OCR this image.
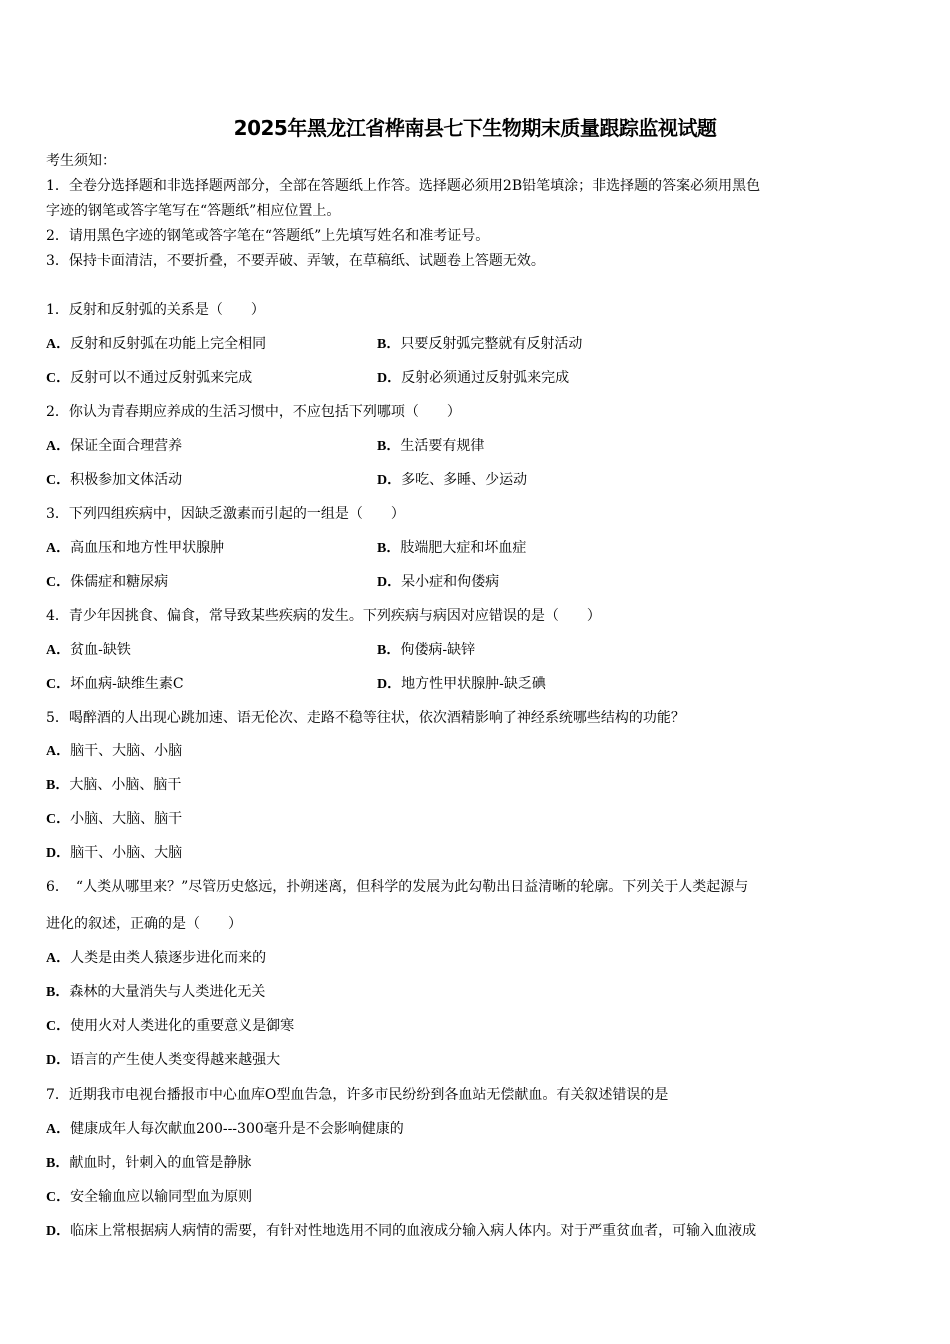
2025年黑龙江省桦南县七下生物期末质量跟踪监视试题
考生须知：
1．全卷分选择题和非选择题两部分，全部在答题纸上作答。选择题必须用2B铅笔填涂；非选择题的答案必须用黑色
字迹的钢笔或答字笔写在“答题纸”相应位置上。
2．请用黑色字迹的钢笔或答字笔在“答题纸”上先填写姓名和准考证号。
3．保持卡面清洁，不要折叠，不要弄破、弄皱，在草稿纸、试题卷上答题无效。
1．反射和反射弧的关系是（　　）
A．反射和反射弧在功能上完全相同	B．只要反射弧完整就有反射活动
C．反射可以不通过反射弧来完成	D．反射必须通过反射弧来完成
2．你认为青春期应养成的生活习惯中，不应包括下列哪项（　　）
A．保证全面合理营养	B．生活要有规律
C．积极参加文体活动	D．多吃、多睡、少运动
3．下列四组疾病中，因缺乏激素而引起的一组是（　　）
A．高血压和地方性甲状腺肿	B．肢端肥大症和坏血症
C．侏儒症和糖尿病	D．呆小症和佝偻病
4．青少年因挑食、偏食，常导致某些疾病的发生。下列疾病与病因对应错误的是（　　）
A．贫血-缺铁	B．佝偻病-缺锌
C．坏血病-缺维生素C	D．地方性甲状腺肿-缺乏碘
5．喝醉酒的人出现心跳加速、语无伦次、走路不稳等往状，依次酒精影响了神经系统哪些结构的功能？
A．脑干、大脑、小脑
B．大脑、小脑、脑干
C．小脑、大脑、脑干
D．脑干、小脑、大脑
6．　“人类从哪里来？”尽管历史悠远，扑朔迷离，但科学的发展为此勾勒出日益清晰的轮廓。下列关于人类起源与
进化的叙述，正确的是（　　）
A．人类是由类人猿逐步进化而来的
B．森林的大量消失与人类进化无关
C．使用火对人类进化的重要意义是御寒
D．语言的产生使人类变得越来越强大
7．近期我市电视台播报市中心血库O型血告急，许多市民纷纷到各血站无偿献血。有关叙述错误的是
A．健康成年人每次献血200---300毫升是不会影响健康的
B．献血时，针刺入的血管是静脉
C．安全输血应以输同型血为原则
D．临床上常根据病人病情的需要，有针对性地选用不同的血液成分输入病人体内。对于严重贫血者，可输入血液成
